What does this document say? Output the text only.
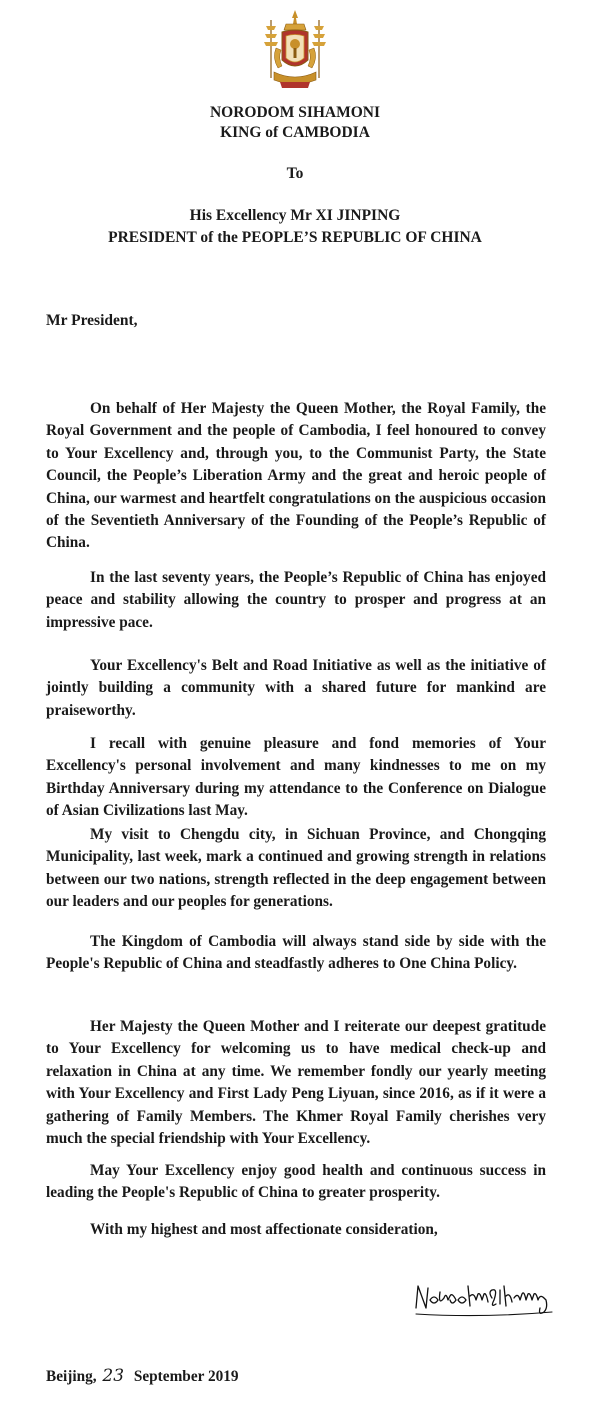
NORODOM SIHAMONI
KING of CAMBODIA
To
His Excellency Mr XI JINPING
PRESIDENT of the PEOPLE’S REPUBLIC OF CHINA
Mr President,

On behalf of Her Majesty the Queen Mother, the Royal Family, the Royal Government and the people of Cambodia, I feel honoured to convey to Your Excellency and, through you, to the Communist Party, the State Council, the People’s Liberation Army and the great and heroic people of China, our warmest and heartfelt congratulations on the auspicious occasion of the Seventieth Anniversary of the Founding of the People’s Republic of China.

In the last seventy years, the People’s Republic of China has enjoyed peace and stability allowing the country to prosper and progress at an impressive pace.

Your Excellency's Belt and Road Initiative as well as the initiative of jointly building a community with a shared future for mankind are praiseworthy.

I recall with genuine pleasure and fond memories of Your Excellency's personal involvement and many kindnesses to me on my Birthday Anniversary during my attendance to the Conference on Dialogue of Asian Civilizations last May.

My visit to Chengdu city, in Sichuan Province, and Chongqing Municipality, last week, mark a continued and growing strength in relations between our two nations, strength reflected in the deep engagement between our leaders and our peoples for generations.

The Kingdom of Cambodia will always stand side by side with the People's Republic of China and steadfastly adheres to One China Policy.

Her Majesty the Queen Mother and I reiterate our deepest gratitude to Your Excellency for welcoming us to have medical check-up and relaxation in China at any time. We remember fondly our yearly meeting with Your Excellency and First Lady Peng Liyuan, since 2016, as if it were a gathering of Family Members. The Khmer Royal Family cherishes very much the special friendship with Your Excellency.

May Your Excellency enjoy good health and continuous success in leading the People's Republic of China to greater prosperity.

With my highest and most affectionate consideration,
Beijing, 23 September 2019
